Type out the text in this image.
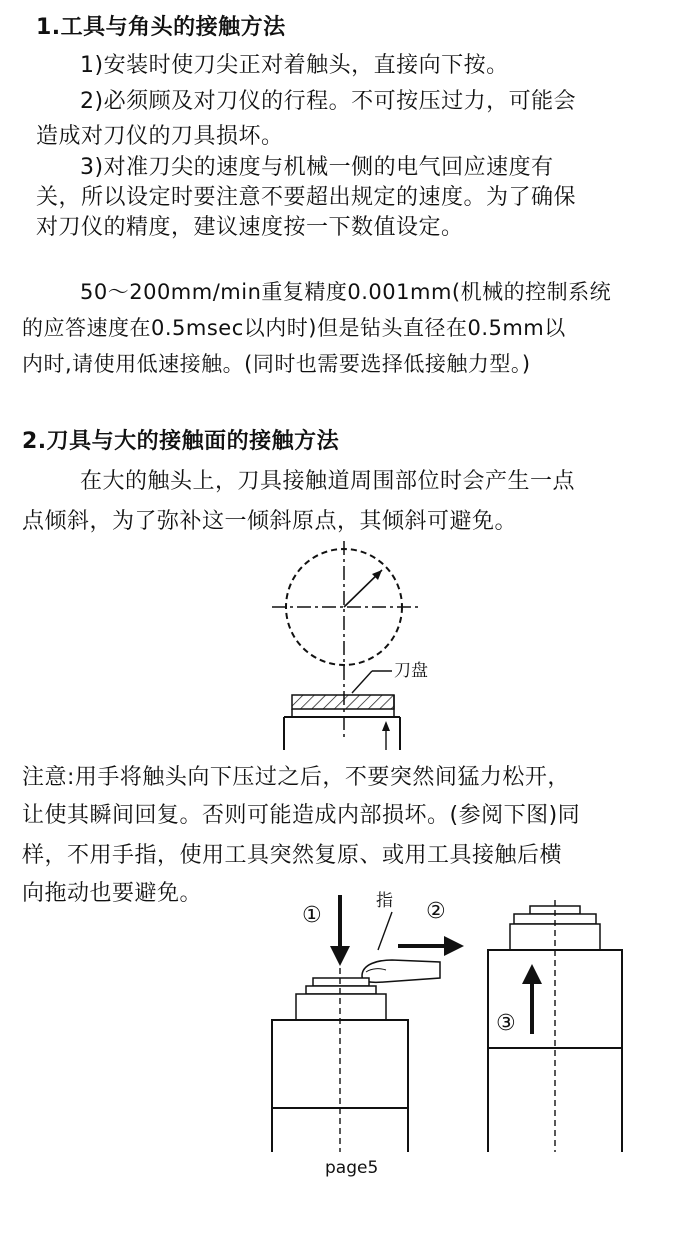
1.工具与角头的接触方法
1)安装时使刀尖正对着触头，直接向下按。
2)必须顾及对刀仪的行程。不可按压过力，可能会
造成对刀仪的刀具损坏。
3)对准刀尖的速度与机械一侧的电气回应速度有
关，所以设定时要注意不要超出规定的速度。为了确保
对刀仪的精度，建议速度按一下数值设定。
50～200mm/min重复精度0.001mm(机械的控制系统
的应答速度在0.5msec以内时)但是钻头直径在0.5mm以
内时,请使用低速接触。(同时也需要选择低接触力型。)
2.刀具与大的接触面的接触方法
在大的触头上，刀具接触道周围部位时会产生一点
点倾斜，为了弥补这一倾斜原点，其倾斜可避免。
刀盘
注意:用手将触头向下压过之后，不要突然间猛力松开，
让使其瞬间回复。否则可能造成内部损坏。(参阅下图)同
样，不用手指，使用工具突然复原、或用工具接触后横
向拖动也要避免。
①
指 ②
③
page5
